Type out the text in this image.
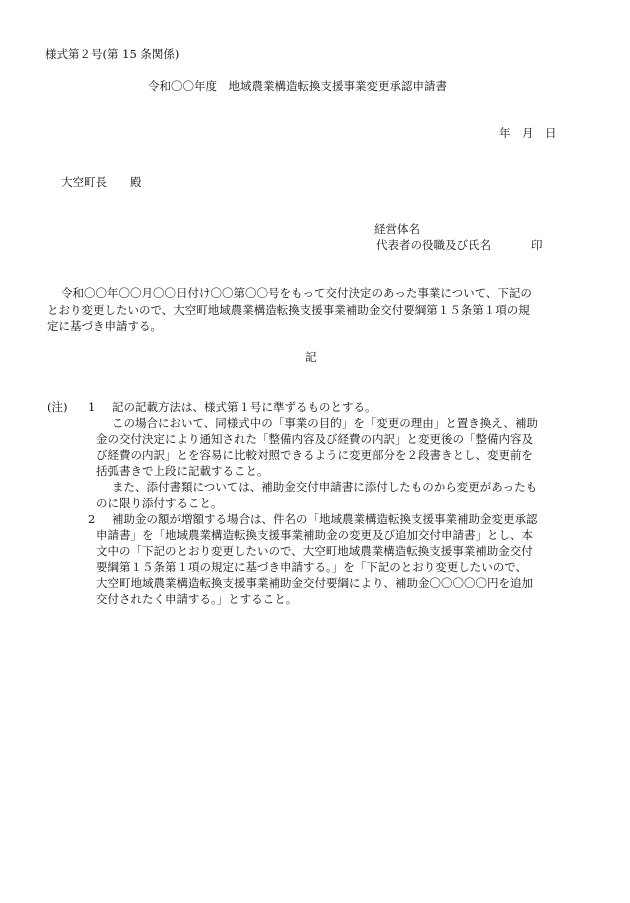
様式第２号(第 15 条関係)
令和〇〇年度　地域農業構造転換支援事業変更承認申請書
年　月　日
大空町長　　殿
経営体名
代表者の役職及び氏名	印
令和〇〇年〇〇月〇〇日付け〇〇第〇〇号をもって交付決定のあった事業について、下記の
とおり変更したいので、大空町地域農業構造転換支援事業補助金交付要綱第１５条第１項の規
定に基づき申請する。
記
(注) 1 記の記載方法は、様式第１号に準ずるものとする。
この場合において、同様式中の「事業の目的」を「変更の理由」と置き換え、補助
金の交付決定により通知された「整備内容及び経費の内訳」と変更後の「整備内容及
び経費の内訳」とを容易に比較対照できるように変更部分を２段書きとし、変更前を
括弧書きで上段に記載すること。
また、添付書類については、補助金交付申請書に添付したものから変更があったも
のに限り添付すること。
2 補助金の額が増額する場合は、件名の「地域農業構造転換支援事業補助金変更承認
申請書」を「地域農業構造転換支援事業補助金の変更及び追加交付申請書」とし、本
文中の「下記のとおり変更したいので、大空町地域農業構造転換支援事業補助金交付
要綱第１５条第１項の規定に基づき申請する。」を「下記のとおり変更したいので、
大空町地域農業構造転換支援事業補助金交付要綱により、補助金〇〇〇〇〇円を追加
交付されたく申請する。」とすること。
